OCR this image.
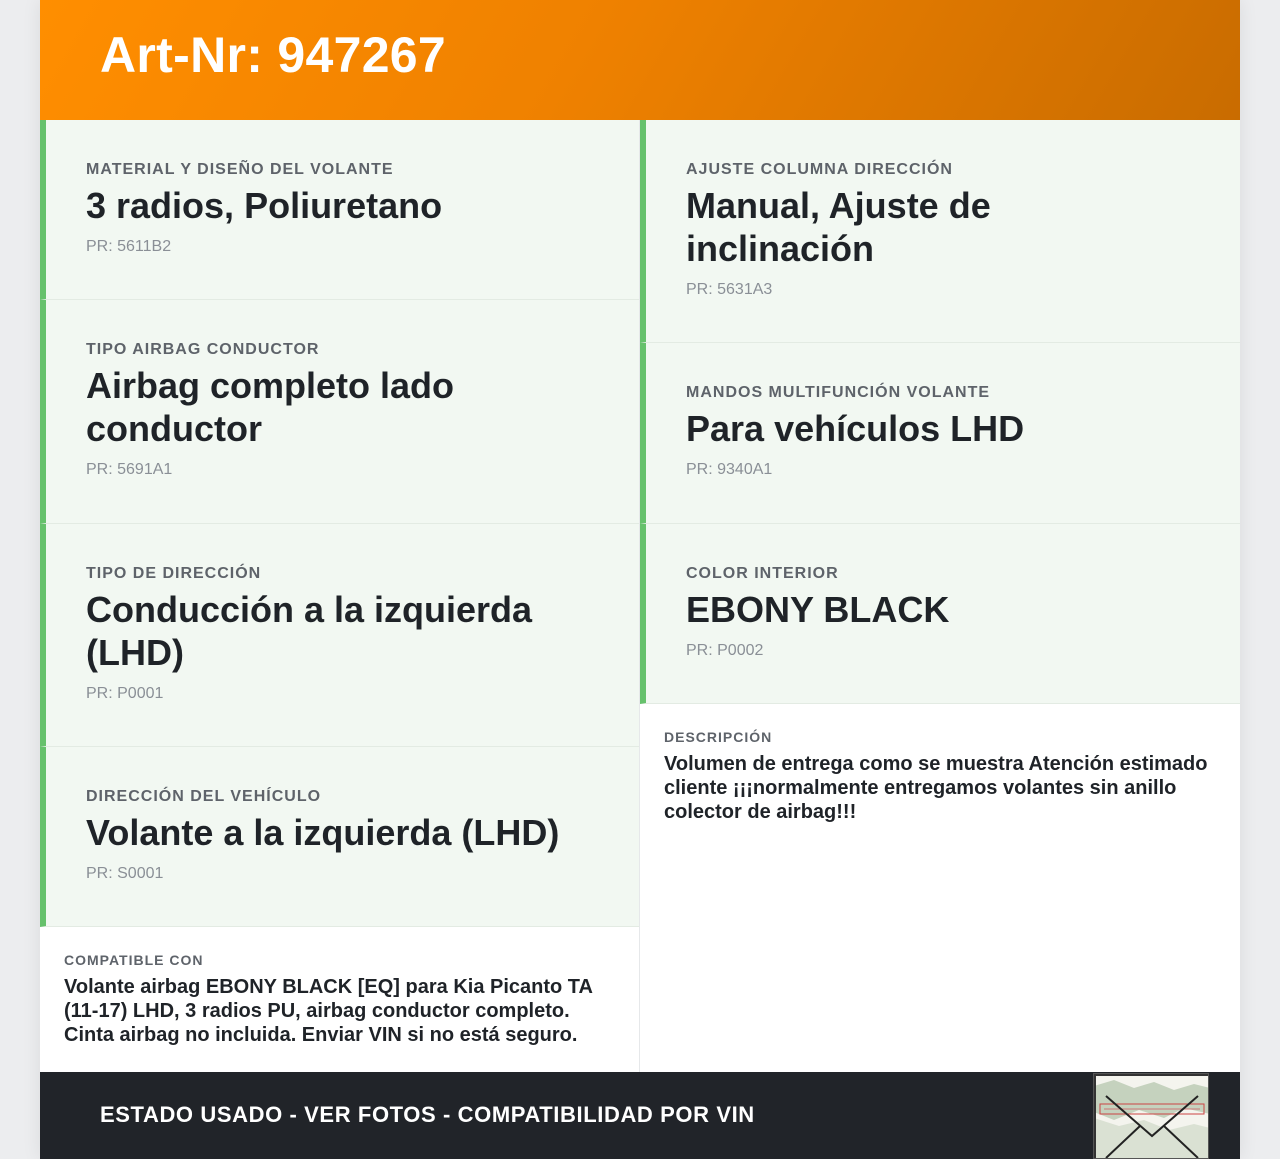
Art-Nr: 947267
MATERIAL Y DISEÑO DEL VOLANTE
3 radios, Poliuretano
PR: 5611B2
TIPO AIRBAG CONDUCTOR
Airbag completo lado conductor
PR: 5691A1
TIPO DE DIRECCIÓN
Conducción a la izquierda (LHD)
PR: P0001
DIRECCIÓN DEL VEHÍCULO
Volante a la izquierda (LHD)
PR: S0001
COMPATIBLE CON
Volante airbag EBONY BLACK [EQ] para Kia Picanto TA (11-17) LHD, 3 radios PU, airbag conductor completo. Cinta airbag no incluida. Enviar VIN si no está seguro.
AJUSTE COLUMNA DIRECCIÓN
Manual, Ajuste de inclinación
PR: 5631A3
MANDOS MULTIFUNCIÓN VOLANTE
Para vehículos LHD
PR: 9340A1
COLOR INTERIOR
EBONY BLACK
PR: P0002
DESCRIPCIÓN
Volumen de entrega como se muestra Atención estimado cliente ¡¡¡normalmente entregamos volantes sin anillo colector de airbag!!!
ESTADO USADO - VER FOTOS - COMPATIBILIDAD POR VIN
